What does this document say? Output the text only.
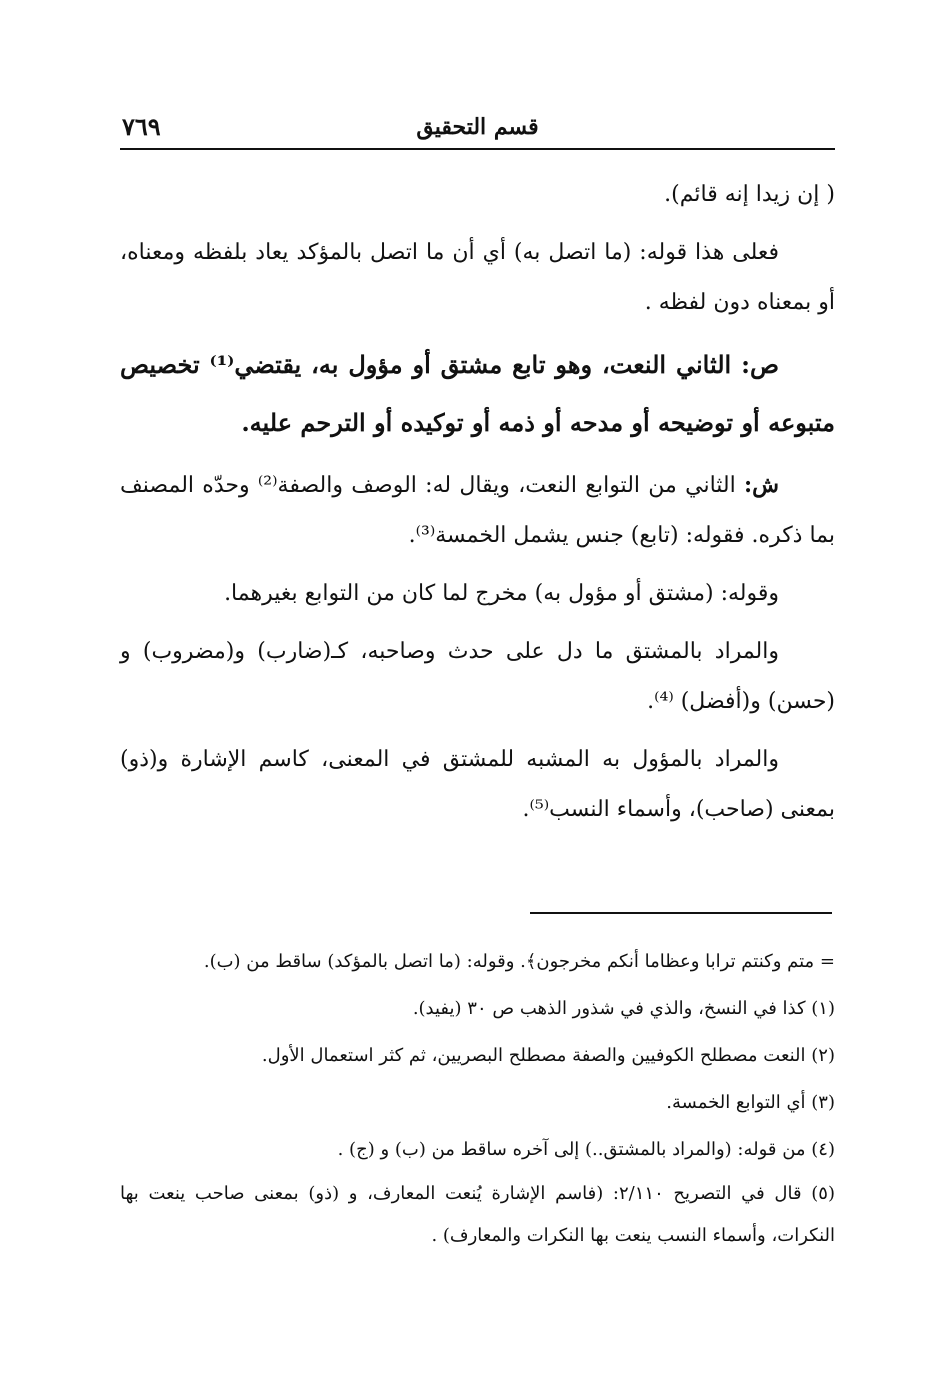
قسم التحقيق
٧٦٩

( إن زيدا إنه قائم).

فعلى هذا قوله: (ما اتصل به) أي أن ما اتصل بالمؤكد يعاد بلفظه ومعناه، أو بمعناه دون لفظه .

ص: الثاني النعت، وهو تابع مشتق أو مؤول به، يقتضي⁽¹⁾ تخصيص متبوعه أو توضيحه أو مدحه أو ذمه أو توكيده أو الترحم عليه.

ش: الثاني من التوابع النعت، ويقال له: الوصف والصفة⁽²⁾ وحدّه المصنف بما ذكره. فقوله: (تابع) جنس يشمل الخمسة⁽³⁾.

وقوله: (مشتق أو مؤول به) مخرج لما كان من التوابع بغيرهما.

والمراد بالمشتق ما دل على حدث وصاحبه، كـ(ضارب) و(مضروب) و (حسن) و(أفضل) ⁽⁴⁾.

والمراد بالمؤول به المشبه للمشتق في المعنى، كاسم الإشارة و(ذو) بمعنى (صاحب)، وأسماء النسب⁽⁵⁾.

= متم وكنتم ترابا وعظاما أنكم مخرجون﴾. وقوله: (ما اتصل بالمؤكد) ساقط من (ب).

(١) كذا في النسخ، والذي في شذور الذهب ص ٣٠ (يفيد).

(٢) النعت مصطلح الكوفيين والصفة مصطلح البصريين، ثم كثر استعمال الأول.

(٣) أي التوابع الخمسة.

(٤) من قوله: (والمراد بالمشتق..) إلى آخره ساقط من (ب) و (ج) .

(٥) قال في التصريح ٢/١١٠: (فاسم الإشارة يُنعت المعارف، و (ذو) بمعنى صاحب ينعت بها النكرات، وأسماء النسب ينعت بها النكرات والمعارف) .
